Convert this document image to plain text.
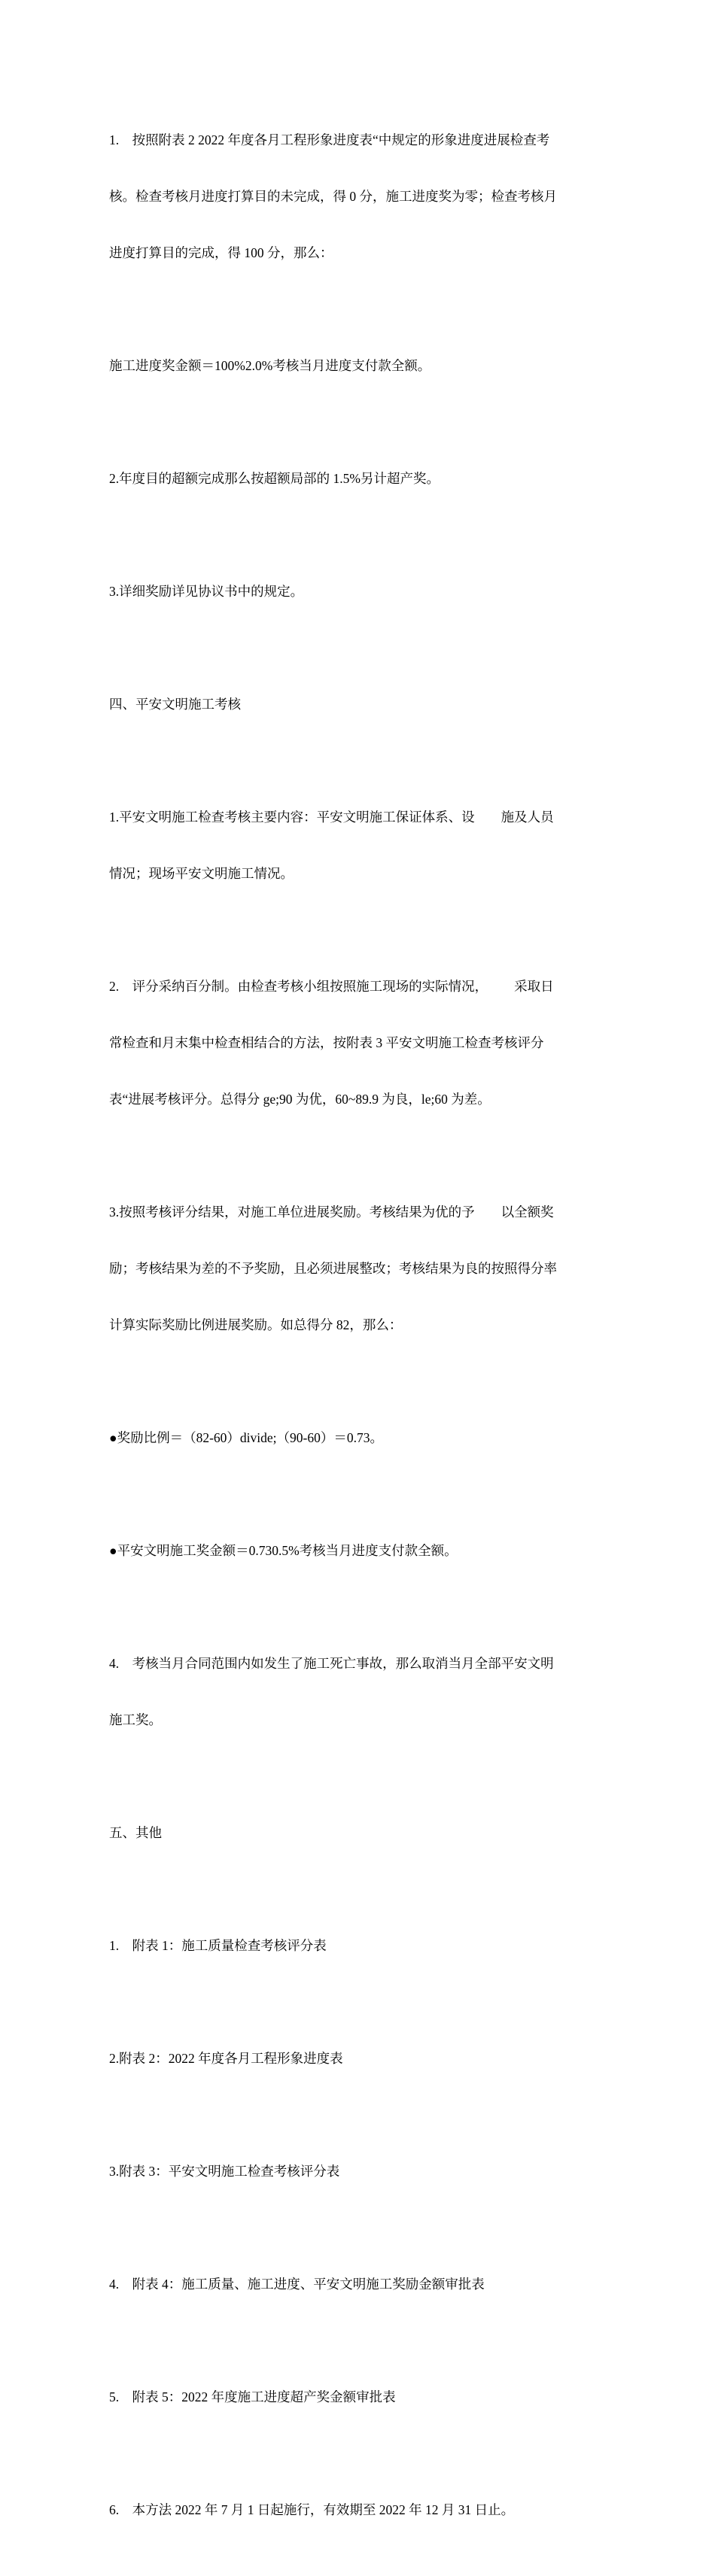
1.    按照附表 2 2022 年度各月工程形象进度表“中规定的形象进度进展检查考

核。检查考核月进度打算目的未完成，得 0 分，施工进度奖为零；检查考核月

进度打算目的完成，得 100 分，那么：

施工进度奖金额＝100%2.0%考核当月进度支付款全额。

2.年度目的超额完成那么按超额局部的 1.5%另计超产奖。

3.详细奖励详见协议书中的规定。

四、平安文明施工考核

1.平安文明施工检查考核主要内容：平安文明施工保证体系、设        施及人员

情况；现场平安文明施工情况。

2.    评分采纳百分制。由检查考核小组按照施工现场的实际情况，        采取日

常检查和月末集中检查相结合的方法，按附表 3 平安文明施工检查考核评分

表“进展考核评分。总得分 ge;90 为优，60~89.9 为良，le;60 为差。

3.按照考核评分结果，对施工单位进展奖励。考核结果为优的予        以全额奖

励；考核结果为差的不予奖励，且必须进展整改；考核结果为良的按照得分率

计算实际奖励比例进展奖励。如总得分 82，那么：

●奖励比例＝（82-60）divide;（90-60）＝0.73。

●平安文明施工奖金额＝0.730.5%考核当月进度支付款全额。

4.    考核当月合同范围内如发生了施工死亡事故，那么取消当月全部平安文明

施工奖。

五、其他

1.    附表 1：施工质量检查考核评分表

2.附表 2：2022 年度各月工程形象进度表

3.附表 3：平安文明施工检查考核评分表

4.    附表 4：施工质量、施工进度、平安文明施工奖励金额审批表

5.    附表 5：2022 年度施工进度超产奖金额审批表

6.    本方法 2022 年 7 月 1 日起施行，有效期至 2022 年 12 月 31 日止。
